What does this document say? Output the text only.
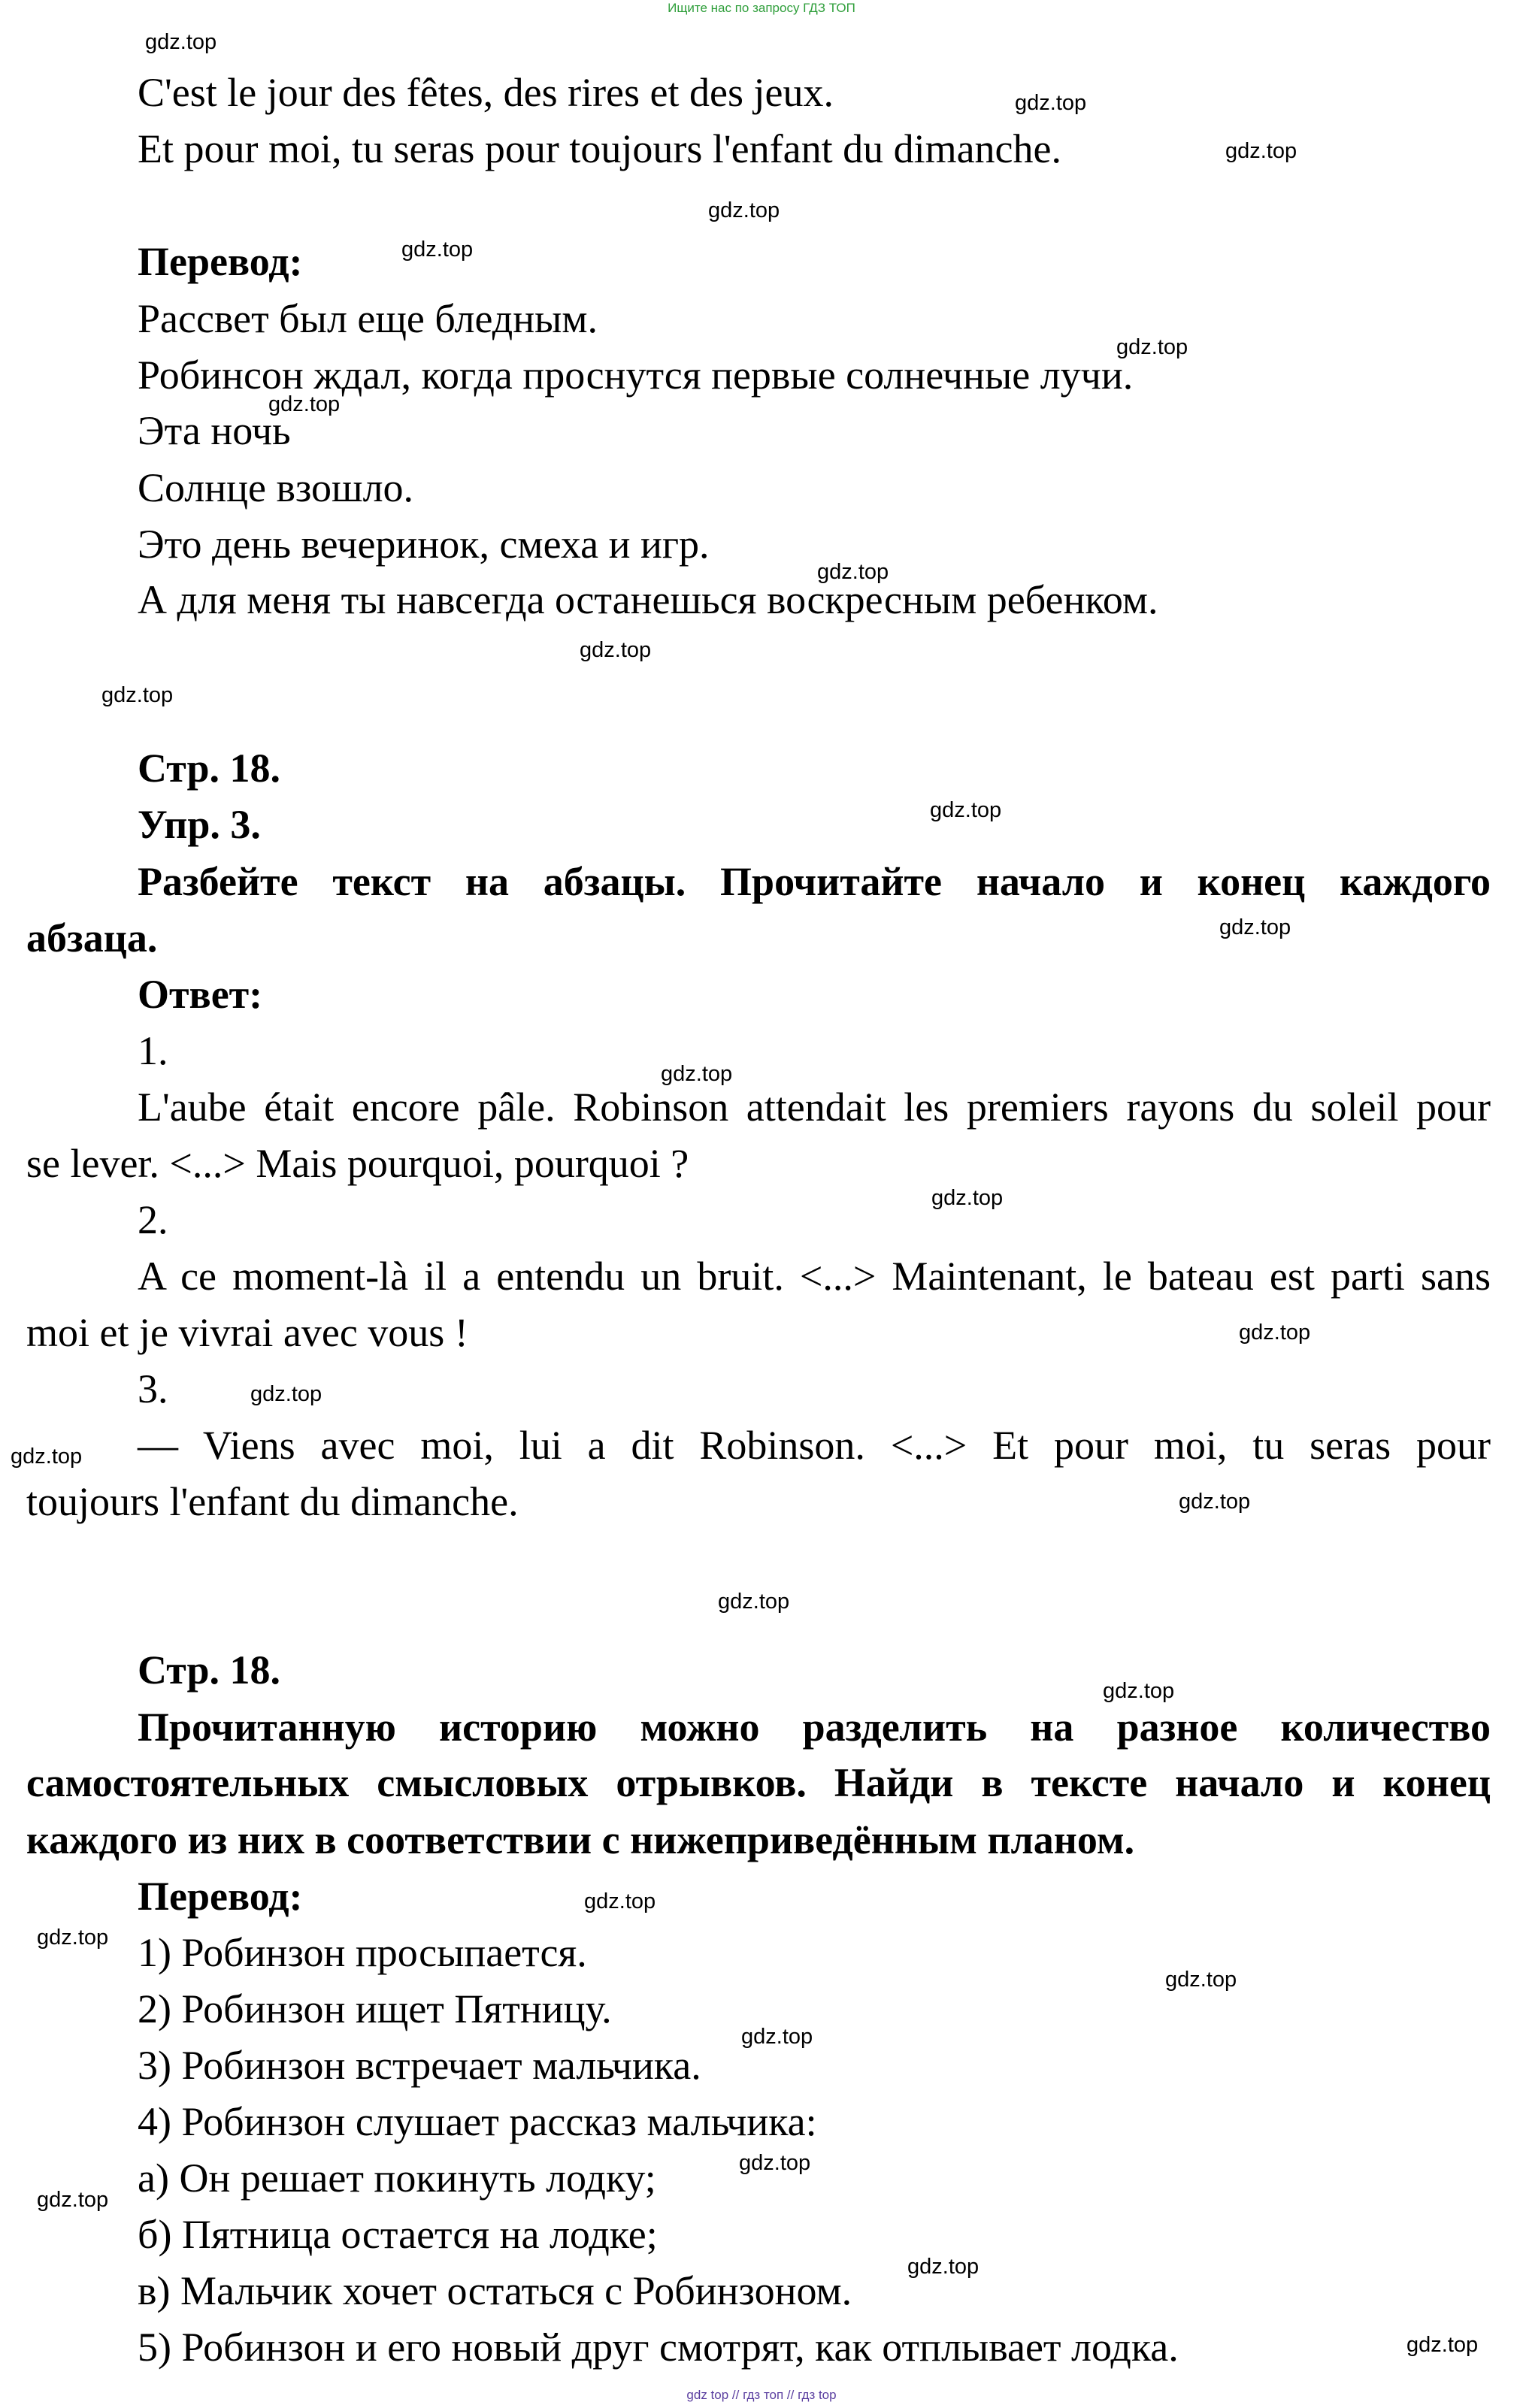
Ищите нас по запросу ГДЗ ТОП
gdz top // гдз топ // гдз top

C'est le jour des fêtes, des rires et des jeux.

Et pour moi, tu seras pour toujours l'enfant du dimanche.

Перевод:

Рассвет был еще бледным.

Робинсон ждал, когда проснутся первые солнечные лучи.

Эта ночь

Солнце взошло.

Это день вечеринок, смеха и игр.

А для меня ты навсегда останешься воскресным ребенком.

Стр. 18.

Упр. 3.

Разбейте текст на абзацы. Прочитайте начало и конец каждого

абзаца.

Ответ:

1.

L'aube était encore pâle. Robinson attendait les premiers rayons du soleil pour

se lever. <...> Mais pourquoi, pourquoi ?

2.

A ce moment-là il a entendu un bruit. <...> Maintenant, le bateau est parti sans

moi et je vivrai avec vous !

3.

— Viens avec moi, lui a dit Robinson. <...> Et pour moi, tu seras pour

toujours l'enfant du dimanche.

Стр. 18.

Прочитанную историю можно разделить на разное количество

самостоятельных смысловых отрывков. Найди в тексте начало и конец

каждого из них в соответствии с нижеприведённым планом.

Перевод:

1) Робинзон просыпается.

2) Робинзон ищет Пятницу.

3) Робинзон встречает мальчика.

4) Робинзон слушает рассказ мальчика:

а) Он решает покинуть лодку;

б) Пятница остается на лодке;

в) Мальчик хочет остаться с Робинзоном.

5) Робинзон и его новый друг смотрят, как отплывает лодка.

gdz.top
gdz.top
gdz.top
gdz.top
gdz.top
gdz.top
gdz.top
gdz.top
gdz.top
gdz.top
gdz.top
gdz.top
gdz.top
gdz.top
gdz.top
gdz.top
gdz.top
gdz.top
gdz.top
gdz.top
gdz.top
gdz.top
gdz.top
gdz.top
gdz.top
gdz.top
gdz.top
gdz.top
